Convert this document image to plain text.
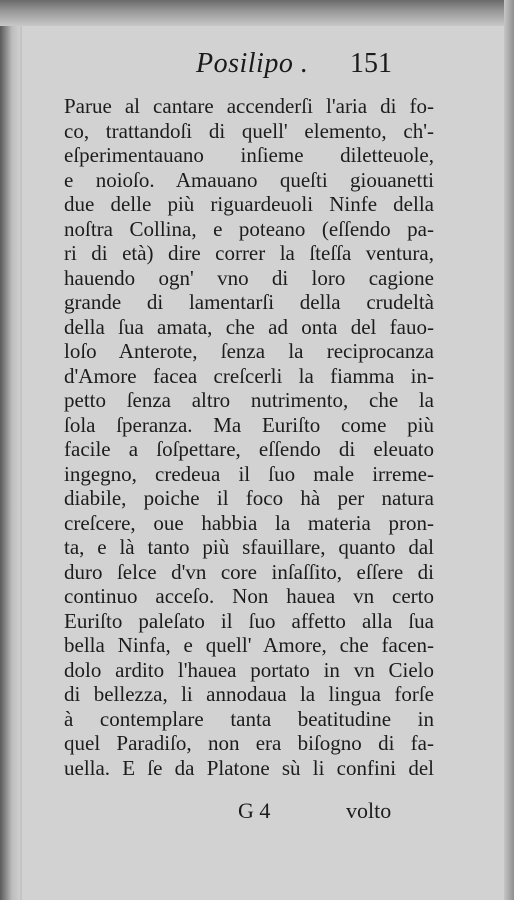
Posilipo . 151
Parue al cantare accenderſi l'aria di fo-
co, trattandoſi di quell' elemento, ch'-
eſperimentauano inſieme diletteuole,
e noioſo. Amauano queſti giouanetti
due delle più riguardeuoli Ninfe della
noſtra Collina, e poteano (eſſendo pa-
ri di età) dire correr la ſteſſa ventura,
hauendo ogn' vno di loro cagione
grande di lamentarſi della crudeltà
della ſua amata, che ad onta del fauo-
loſo Anterote, ſenza la reciprocanza
d'Amore facea creſcerli la fiamma in-
petto ſenza altro nutrimento, che la
ſola ſperanza. Ma Euriſto come più
facile a ſoſpettare, eſſendo di eleuato
ingegno, credeua il ſuo male irreme-
diabile, poiche il foco hà per natura
creſcere, oue habbia la materia pron-
ta, e là tanto più sfauillare, quanto dal
duro ſelce d'vn core inſaſſito, eſſere di
continuo acceſo. Non hauea vn certo
Euriſto paleſato il ſuo affetto alla ſua
bella Ninfa, e quell' Amore, che facen-
dolo ardito l'hauea portato in vn Cielo
di bellezza, li annodaua la lingua forſe
à contemplare tanta beatitudine in
quel Paradiſo, non era biſogno di fa-
uella. E ſe da Platone sù li confini del
G 4	volto
